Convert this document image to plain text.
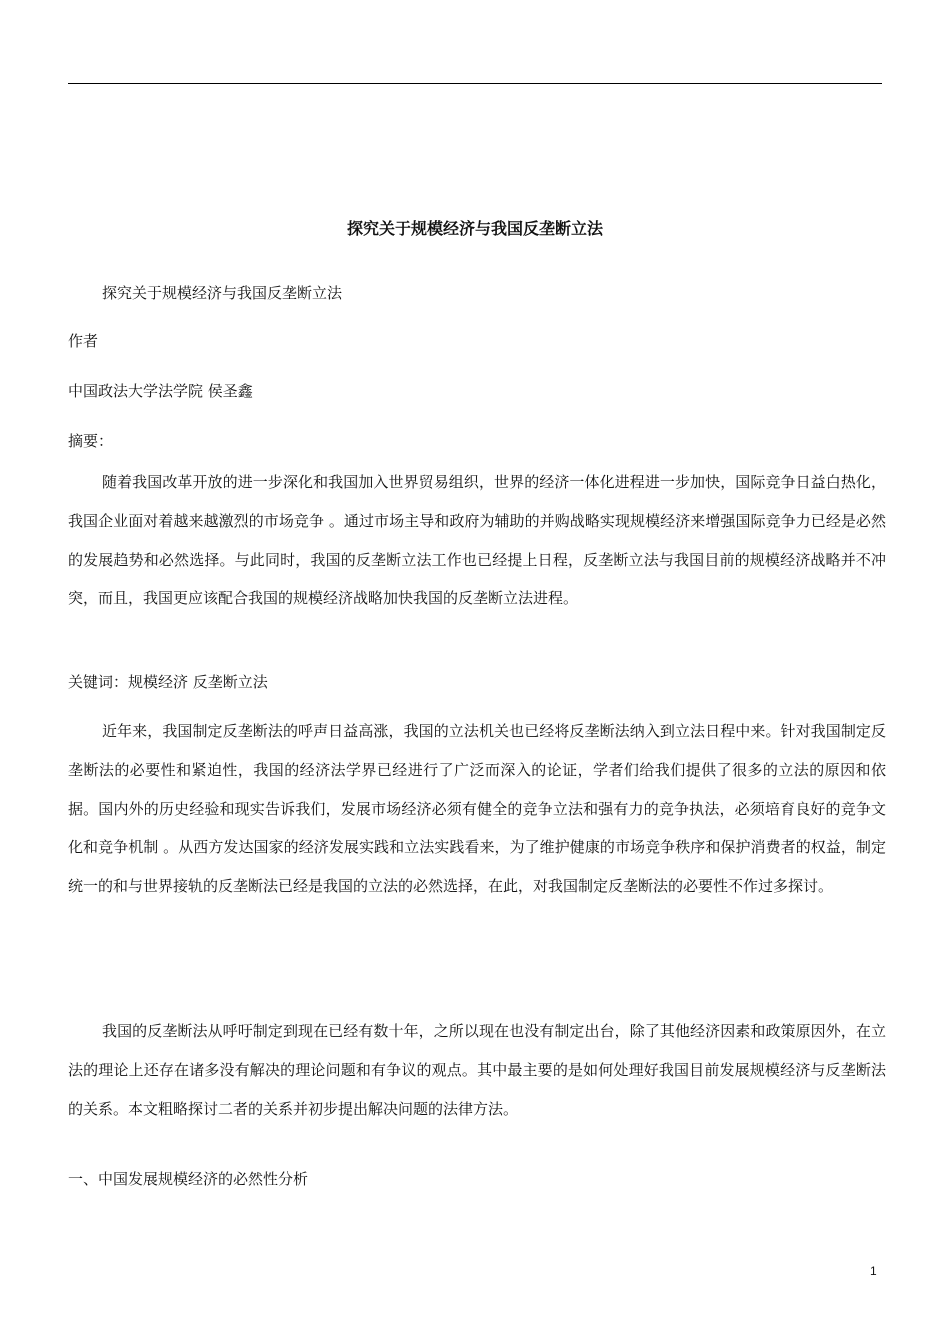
探究关于规模经济与我国反垄断立法
探究关于规模经济与我国反垄断立法
作者
中国政法大学法学院 侯圣鑫
摘要：
随着我国改革开放的进一步深化和我国加入世界贸易组织，世界的经济一体化进程进一步加快，国际竞争日益白热化，我国企业面对着越来越激烈的市场竞争 。通过市场主导和政府为辅助的并购战略实现规模经济来增强国际竞争力已经是必然的发展趋势和必然选择。与此同时，我国的反垄断立法工作也已经提上日程，反垄断立法与我国目前的规模经济战略并不冲突，而且，我国更应该配合我国的规模经济战略加快我国的反垄断立法进程。
关键词：规模经济 反垄断立法
近年来，我国制定反垄断法的呼声日益高涨，我国的立法机关也已经将反垄断法纳入到立法日程中来。针对我国制定反垄断法的必要性和紧迫性，我国的经济法学界已经进行了广泛而深入的论证，学者们给我们提供了很多的立法的原因和依据。国内外的历史经验和现实告诉我们，发展市场经济必须有健全的竞争立法和强有力的竞争执法，必须培育良好的竞争文化和竞争机制 。从西方发达国家的经济发展实践和立法实践看来，为了维护健康的市场竞争秩序和保护消费者的权益，制定统一的和与世界接轨的反垄断法已经是我国的立法的必然选择，在此，对我国制定反垄断法的必要性不作过多探讨。
我国的反垄断法从呼吁制定到现在已经有数十年，之所以现在也没有制定出台，除了其他经济因素和政策原因外，在立法的理论上还存在诸多没有解决的理论问题和有争议的观点。其中最主要的是如何处理好我国目前发展规模经济与反垄断法的关系。本文粗略探讨二者的关系并初步提出解决问题的法律方法。
一、中国发展规模经济的必然性分析
1
